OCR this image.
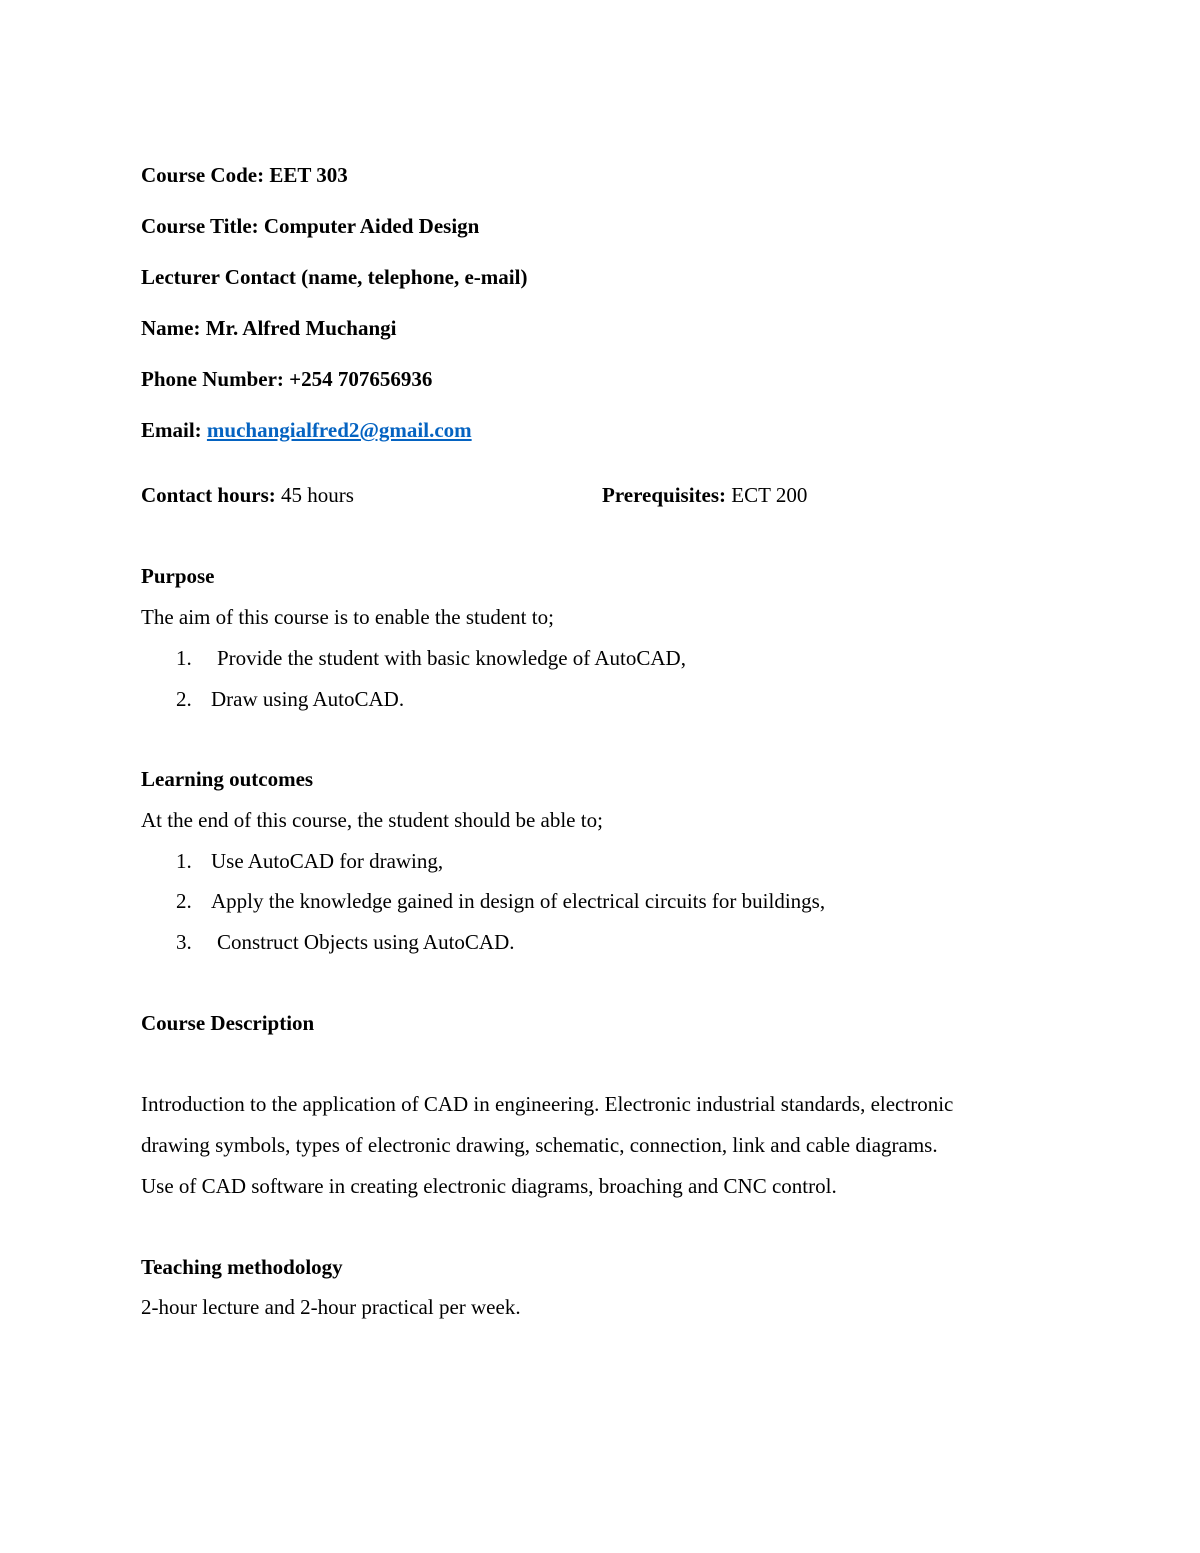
Course Code: EET 303
Course Title: Computer Aided Design
Lecturer Contact (name, telephone, e-mail)
Name: Mr. Alfred Muchangi
Phone Number: +254 707656936
Email: muchangialfred2@gmail.com
Contact hours: 45 hours	Prerequisites: ECT 200
Purpose
The aim of this course is to enable the student to;
1. Provide the student with basic knowledge of AutoCAD,
2. Draw using AutoCAD.
Learning outcomes
At the end of this course, the student should be able to;
1. Use AutoCAD for drawing,
2. Apply the knowledge gained in design of electrical circuits for buildings,
3. Construct Objects using AutoCAD.
Course Description
Introduction to the application of CAD in engineering. Electronic industrial standards, electronic
drawing symbols, types of electronic drawing, schematic, connection, link and cable diagrams.
Use of CAD software in creating electronic diagrams, broaching and CNC control.
Teaching methodology
2-hour lecture and 2-hour practical per week.
